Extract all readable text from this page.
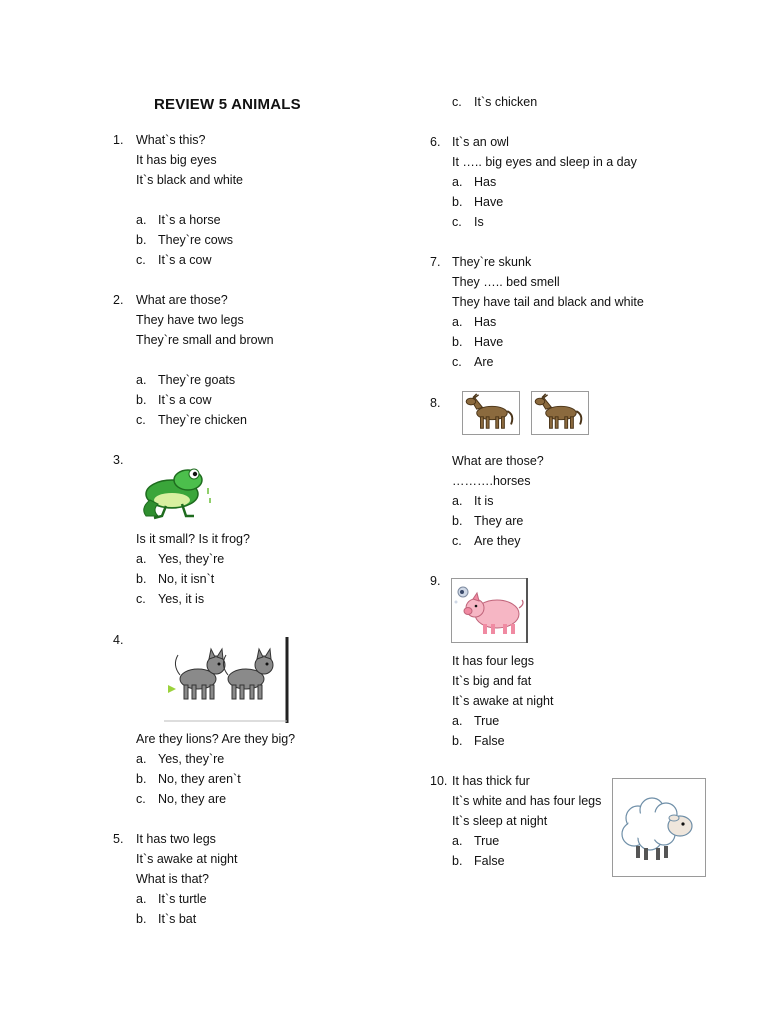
REVIEW 5 ANIMALS
1. What`s this?
It has big eyes
It`s black and white
a. It`s a horse
b. They`re cows
c. It`s a cow
2. What are those?
They have two legs
They`re small and brown
a. They`re goats
b. It`s a cow
c. They`re chicken
3.
Is it small? Is it frog?
a. Yes, they`re
b. No, it isn`t
c. Yes, it is
4.
Are they lions? Are they big?
a. Yes, they`re
b. No, they aren`t
c. No, they are
5. It has two legs
It`s awake at night
What is that?
a. It`s turtle
b. It`s bat
c. It`s chicken
6. It`s an owl
It ….. big eyes and sleep in a day
a. Has
b. Have
c. Is
7. They`re skunk
They ….. bed smell
They have tail and black and white
a. Has
b. Have
c. Are
8.
What are those?
……….horses
a. It is
b. They are
c. Are they
9.
It has four legs
It`s big and fat
It`s awake at night
a. True
b. False
10. It has thick fur
It`s white and has four legs
It`s sleep at night
a. True
b. False
